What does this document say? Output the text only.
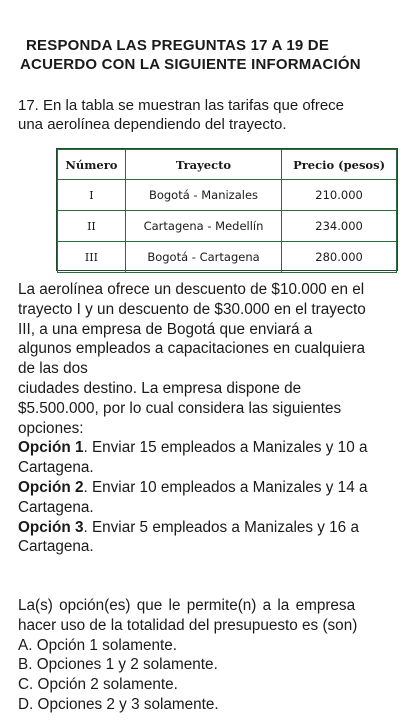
RESPONDA LAS PREGUNTAS 17 A 19 DE
ACUERDO CON LA SIGUIENTE INFORMACIÓN
17. En la tabla se muestran las tarifas que ofrece
una aerolínea dependiendo del trayecto.
Número	Trayecto	Precio (pesos)
I	Bogotá - Manizales	210.000
II	Cartagena - Medellín	234.000
III	Bogotá - Cartagena	280.000
La aerolínea ofrece un descuento de $10.000 en el
trayecto I y un descuento de $30.000 en el trayecto
III, a una empresa de Bogotá que enviará a
algunos empleados a capacitaciones en cualquiera
de las dos
ciudades destino. La empresa dispone de
$5.500.000, por lo cual considera las siguientes
opciones:
Opción 1. Enviar 15 empleados a Manizales y 10 a
Cartagena.
Opción 2. Enviar 10 empleados a Manizales y 14 a
Cartagena.
Opción 3. Enviar 5 empleados a Manizales y 16 a
Cartagena.
La(s) opción(es) que le permite(n) a la empresa
hacer uso de la totalidad del presupuesto es (son)
A. Opción 1 solamente.
B. Opciones 1 y 2 solamente.
C. Opción 2 solamente.
D. Opciones 2 y 3 solamente.
